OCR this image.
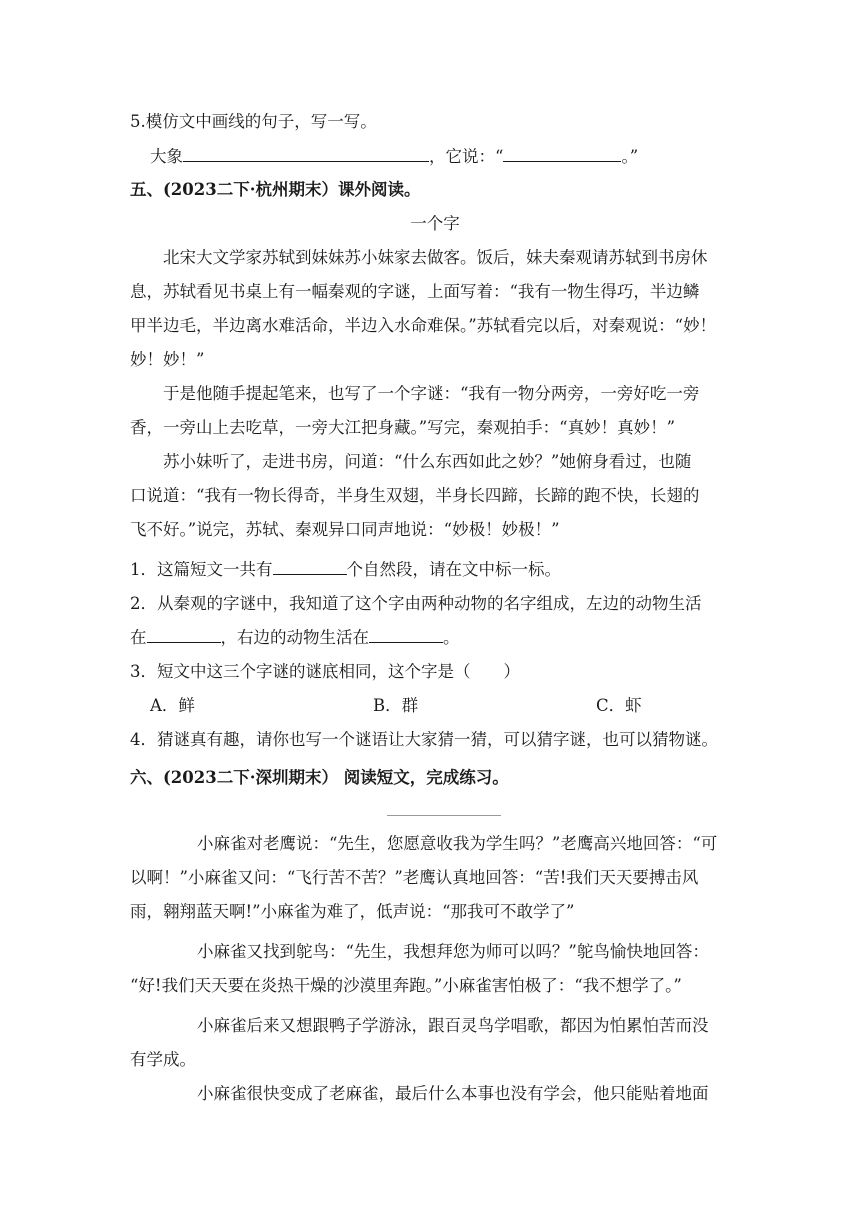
5.模仿文中画线的句子，写一写。
大象	，它说：“	。”
五、(2023二下·杭州期末）课外阅读。
一个字
北宋大文学家苏轼到妹妹苏小妹家去做客。饭后，妹夫秦观请苏轼到书房休
息，苏轼看见书桌上有一幅秦观的字谜，上面写着：“我有一物生得巧，半边鳞
甲半边毛，半边离水难活命，半边入水命难保。”苏轼看完以后，对秦观说：“妙！
妙！妙！”
于是他随手提起笔来，也写了一个字谜：“我有一物分两旁，一旁好吃一旁
香，一旁山上去吃草，一旁大江把身藏。”写完，秦观拍手：“真妙！真妙！”
苏小妹听了，走进书房，问道：“什么东西如此之妙？”她俯身看过，也随
口说道：“我有一物长得奇，半身生双翅，半身长四蹄，长蹄的跑不快，长翅的
飞不好。”说完，苏轼、秦观异口同声地说：“妙极！妙极！”
1．这篇短文一共有	个自然段，请在文中标一标。
2．从秦观的字谜中，我知道了这个字由两种动物的名字组成，左边的动物生活
在	，右边的动物生活在	。
3．短文中这三个字谜的谜底相同，这个字是（　　）
A．鲜	B．群	C．虾
4．猜谜真有趣，请你也写一个谜语让大家猜一猜，可以猜字谜，也可以猜物谜。
六、(2023二下·深圳期末） 阅读短文，完成练习。
小麻雀对老鹰说：“先生，您愿意收我为学生吗？”老鹰高兴地回答：“可
以啊！”小麻雀又问：“飞行苦不苦？”老鹰认真地回答：“苦!我们天天要搏击风
雨，翱翔蓝天啊!”小麻雀为难了，低声说：“那我可不敢学了”
小麻雀又找到鸵鸟：“先生，我想拜您为师可以吗？”鸵鸟愉快地回答：
“好!我们天天要在炎热干燥的沙漠里奔跑。”小麻雀害怕极了：“我不想学了。”
小麻雀后来又想跟鸭子学游泳，跟百灵鸟学唱歌，都因为怕累怕苦而没
有学成。
小麻雀很快变成了老麻雀，最后什么本事也没有学会，他只能贴着地面
